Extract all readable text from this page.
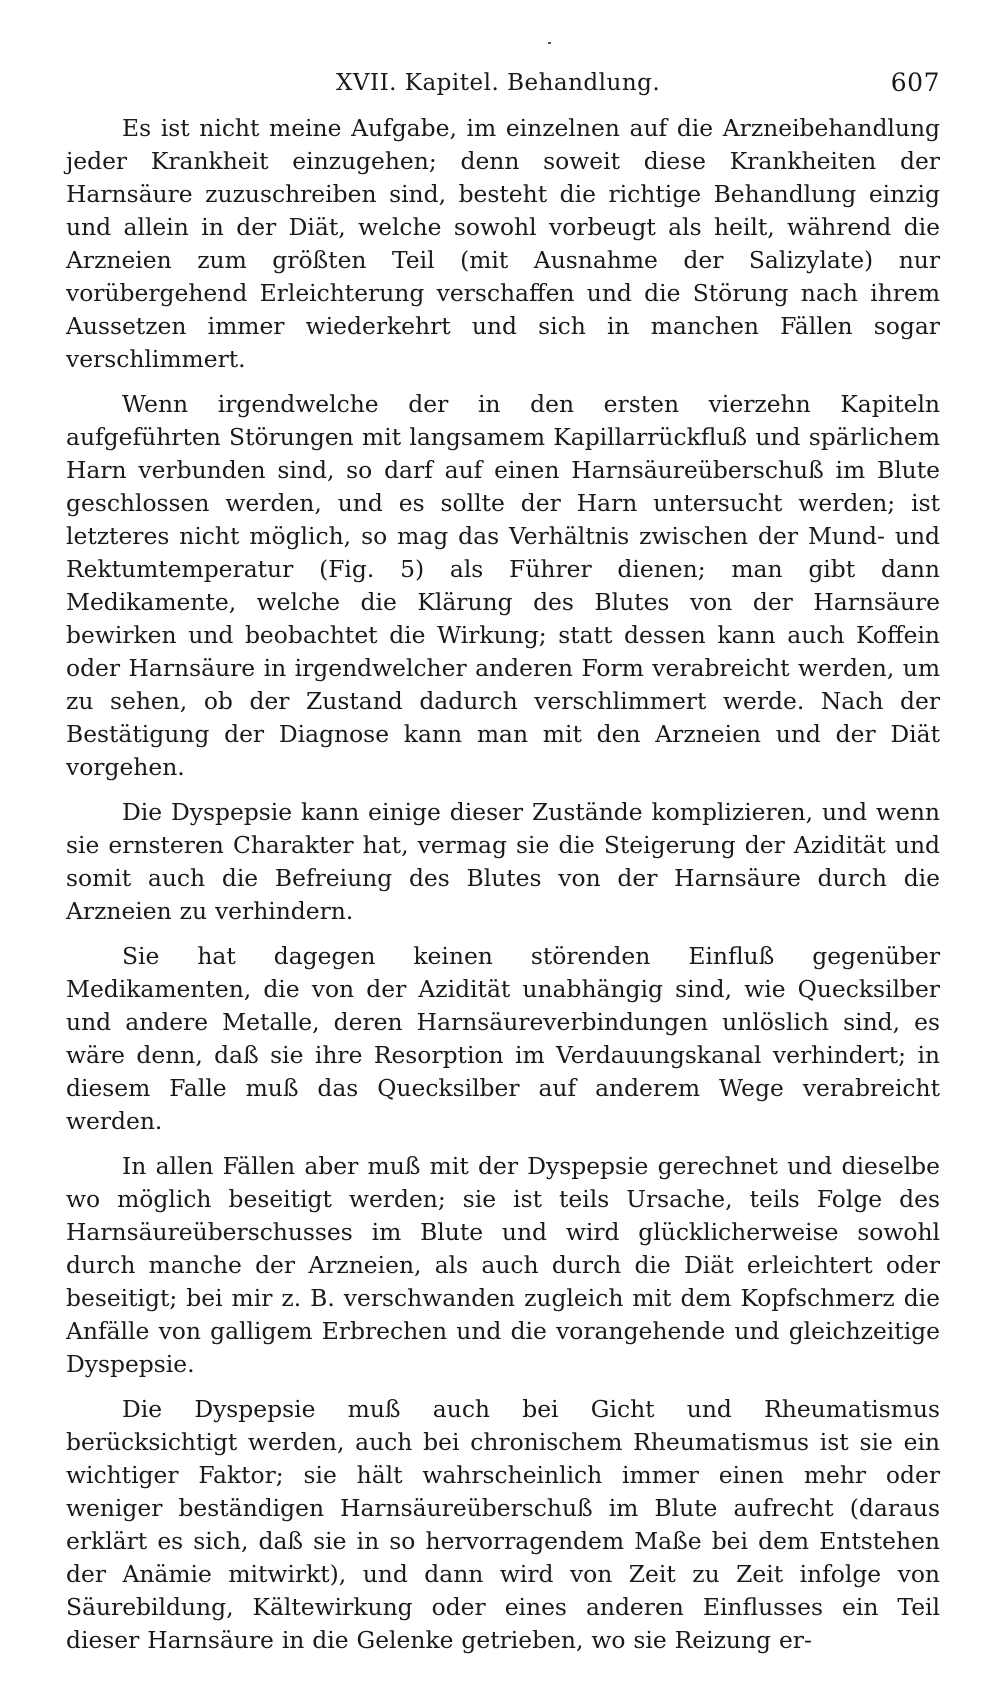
XVII. Kapitel. Behandlung.	607

Es ist nicht meine Aufgabe, im einzelnen auf die Arzneibehandlung jeder Krankheit einzugehen; denn soweit diese Krankheiten der Harnsäure zuzuschreiben sind, besteht die richtige Behandlung einzig und allein in der Diät, welche sowohl vorbeugt als heilt, während die Arzneien zum größten Teil (mit Ausnahme der Salizylate) nur vorübergehend Erleichterung verschaffen und die Störung nach ihrem Aussetzen immer wiederkehrt und sich in manchen Fällen sogar verschlimmert.

Wenn irgendwelche der in den ersten vierzehn Kapiteln aufgeführten Störungen mit langsamem Kapillarrückfluß und spärlichem Harn verbunden sind, so darf auf einen Harnsäureüberschuß im Blute geschlossen werden, und es sollte der Harn untersucht werden; ist letzteres nicht möglich, so mag das Verhältnis zwischen der Mund- und Rektumtemperatur (Fig. 5) als Führer dienen; man gibt dann Medikamente, welche die Klärung des Blutes von der Harnsäure bewirken und beobachtet die Wirkung; statt dessen kann auch Koffein oder Harnsäure in irgendwelcher anderen Form verabreicht werden, um zu sehen, ob der Zustand dadurch verschlimmert werde. Nach der Bestätigung der Diagnose kann man mit den Arzneien und der Diät vorgehen.

Die Dyspepsie kann einige dieser Zustände komplizieren, und wenn sie ernsteren Charakter hat, vermag sie die Steigerung der Azidität und somit auch die Befreiung des Blutes von der Harnsäure durch die Arzneien zu verhindern.

Sie hat dagegen keinen störenden Einfluß gegenüber Medikamenten, die von der Azidität unabhängig sind, wie Quecksilber und andere Metalle, deren Harnsäureverbindungen unlöslich sind, es wäre denn, daß sie ihre Resorption im Verdauungskanal verhindert; in diesem Falle muß das Quecksilber auf anderem Wege verabreicht werden.

In allen Fällen aber muß mit der Dyspepsie gerechnet und dieselbe wo möglich beseitigt werden; sie ist teils Ursache, teils Folge des Harnsäureüberschusses im Blute und wird glücklicherweise sowohl durch manche der Arzneien, als auch durch die Diät erleichtert oder beseitigt; bei mir z. B. verschwanden zugleich mit dem Kopfschmerz die Anfälle von galligem Erbrechen und die vorangehende und gleichzeitige Dyspepsie.

Die Dyspepsie muß auch bei Gicht und Rheumatismus berücksichtigt werden, auch bei chronischem Rheumatismus ist sie ein wichtiger Faktor; sie hält wahrscheinlich immer einen mehr oder weniger beständigen Harnsäureüberschuß im Blute aufrecht (daraus erklärt es sich, daß sie in so hervorragendem Maße bei dem Entstehen der Anämie mitwirkt), und dann wird von Zeit zu Zeit infolge von Säurebildung, Kältewirkung oder eines anderen Einflusses ein Teil dieser Harnsäure in die Gelenke getrieben, wo sie Reizung er-
